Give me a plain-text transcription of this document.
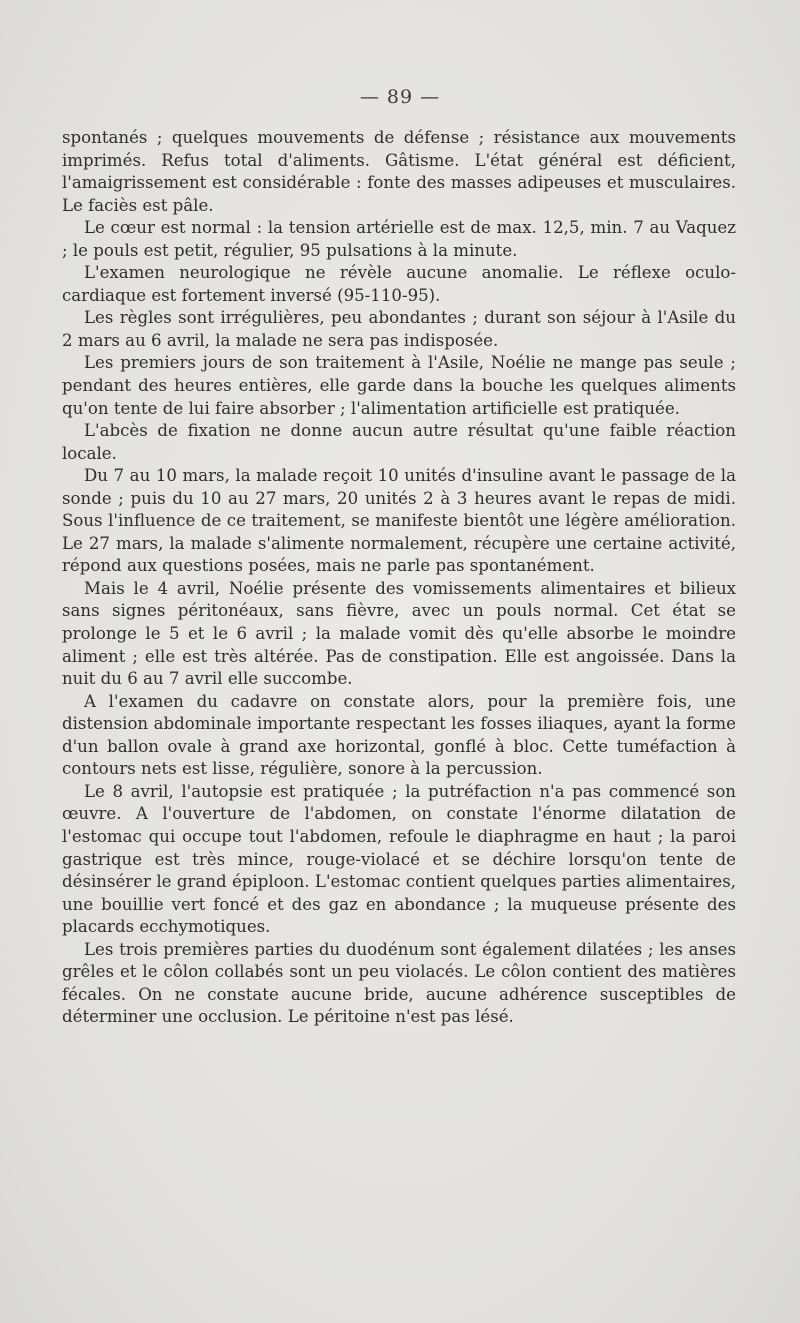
— 89 —

spontanés ; quelques mouvements de défense ; résistance aux mouvements imprimés. Refus total d'aliments. Gâtisme. L'état général est déficient, l'amaigrissement est considérable : fonte des masses adipeuses et musculaires. Le faciès est pâle.

Le cœur est normal : la tension artérielle est de max. 12,5, min. 7 au Vaquez ; le pouls est petit, régulier, 95 pulsations à la minute.

L'examen neurologique ne révèle aucune anomalie. Le réflexe oculo-cardiaque est fortement inversé (95-110-95).

Les règles sont irrégulières, peu abondantes ; durant son séjour à l'Asile du 2 mars au 6 avril, la malade ne sera pas indisposée.

Les premiers jours de son traitement à l'Asile, Noélie ne mange pas seule ; pendant des heures entières, elle garde dans la bouche les quelques aliments qu'on tente de lui faire absorber ; l'alimentation artificielle est pratiquée.

L'abcès de fixation ne donne aucun autre résultat qu'une faible réaction locale.

Du 7 au 10 mars, la malade reçoit 10 unités d'insuline avant le passage de la sonde ; puis du 10 au 27 mars, 20 unités 2 à 3 heures avant le repas de midi. Sous l'influence de ce traitement, se manifeste bientôt une légère amélioration. Le 27 mars, la malade s'alimente normalement, récupère une certaine activité, répond aux questions posées, mais ne parle pas spontanément.

Mais le 4 avril, Noélie présente des vomissements alimentaires et bilieux sans signes péritonéaux, sans fièvre, avec un pouls normal. Cet état se prolonge le 5 et le 6 avril ; la malade vomit dès qu'elle absorbe le moindre aliment ; elle est très altérée. Pas de constipation. Elle est angoissée. Dans la nuit du 6 au 7 avril elle succombe.

A l'examen du cadavre on constate alors, pour la première fois, une distension abdominale importante respectant les fosses iliaques, ayant la forme d'un ballon ovale à grand axe horizontal, gonflé à bloc. Cette tuméfaction à contours nets est lisse, régulière, sonore à la percussion.

Le 8 avril, l'autopsie est pratiquée ; la putréfaction n'a pas commencé son œuvre. A l'ouverture de l'abdomen, on constate l'énorme dilatation de l'estomac qui occupe tout l'abdomen, refoule le diaphragme en haut ; la paroi gastrique est très mince, rouge-violacé et se déchire lorsqu'on tente de désinsérer le grand épiploon. L'estomac contient quelques parties alimentaires, une bouillie vert foncé et des gaz en abondance ; la muqueuse présente des placards ecchymotiques.

Les trois premières parties du duodénum sont également dilatées ; les anses grêles et le côlon collabés sont un peu violacés. Le côlon contient des matières fécales. On ne constate aucune bride, aucune adhérence susceptibles de déterminer une occlusion. Le péritoine n'est pas lésé.
